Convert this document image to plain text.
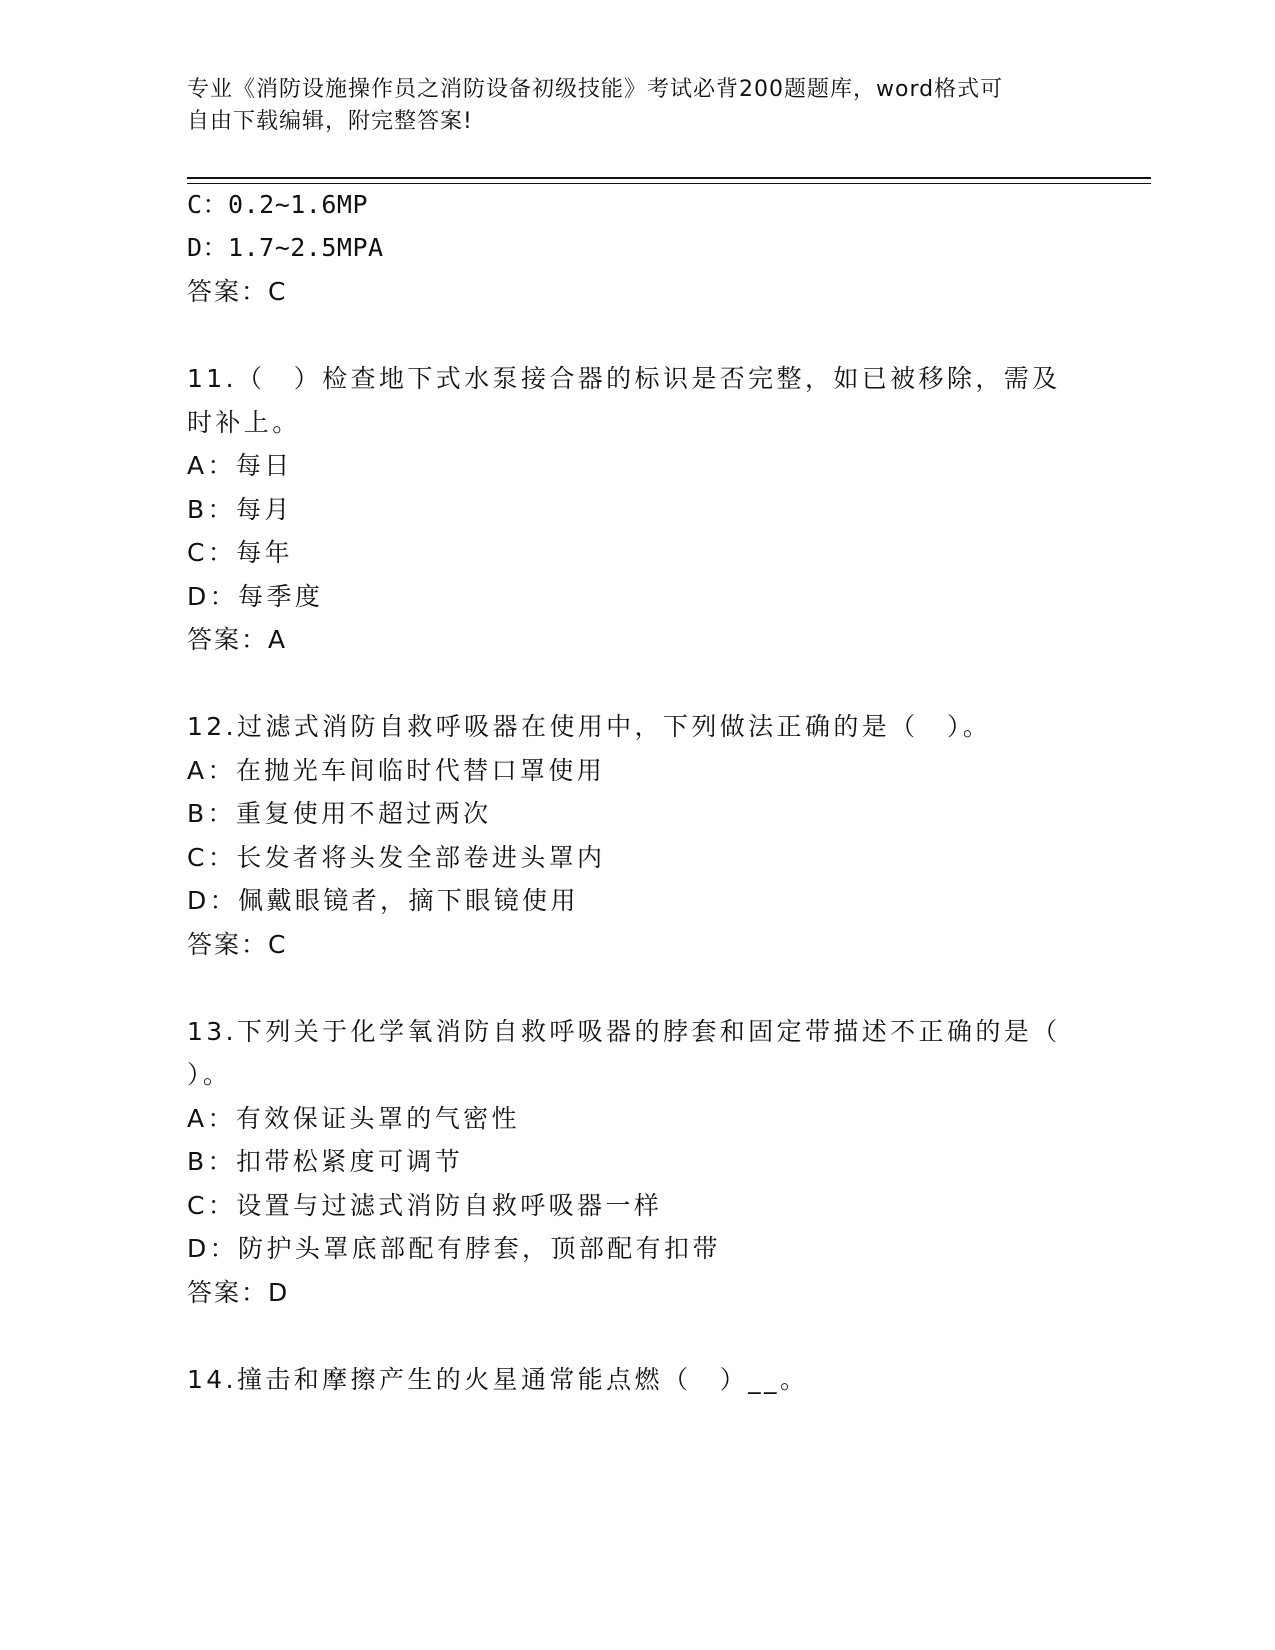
专业《消防设施操作员之消防设备初级技能》考试必背200题题库，word格式可
自由下载编辑，附完整答案!
C：0.2~1.6MP
D：1.7~2.5MPA
答案：C
11.（　）检查地下式水泵接合器的标识是否完整，如已被移除，需及
时补上。
A：每日
B：每月
C：每年
D：每季度
答案：A
12.过滤式消防自救呼吸器在使用中，下列做法正确的是（　）。
A：在抛光车间临时代替口罩使用
B：重复使用不超过两次
C：长发者将头发全部卷进头罩内
D：佩戴眼镜者，摘下眼镜使用
答案：C
13.下列关于化学氧消防自救呼吸器的脖套和固定带描述不正确的是（
）。
A：有效保证头罩的气密性
B：扣带松紧度可调节
C：设置与过滤式消防自救呼吸器一样
D：防护头罩底部配有脖套，顶部配有扣带
答案：D
14.撞击和摩擦产生的火星通常能点燃（　）__。
